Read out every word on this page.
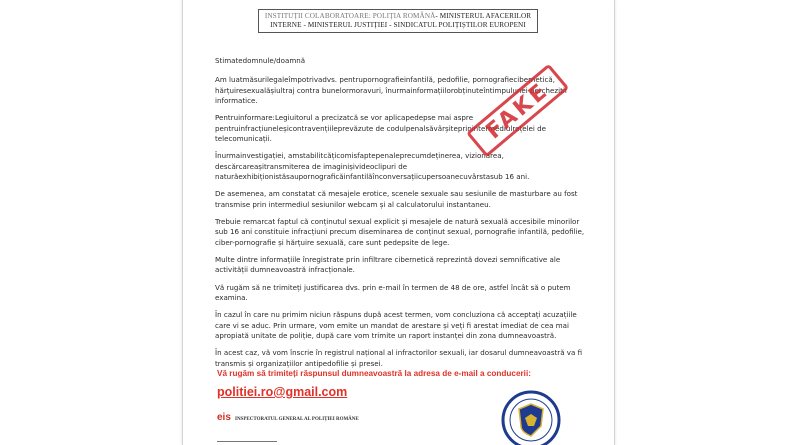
INSTITUȚII COLABORATOARE: POLIȚIA ROMÂNĂ- MINISTERUL AFACERILOR
INTERNE - MINISTERUL JUSTIȚIEI - SINDICATUL POLIȚIȘTILOR EUROPENI

Stimatedomnule/doamnă

Am luatmăsurilegaleîmpotrivadvs. pentrupornografieinfantilă, pedofilie, pornografiecibernetică, hărțuiresexualășiultraj contra bunelormoravuri, înurmainformațiilorobținuteîntimpulunei percheziții informatice.

Pentruinformare:Legiuitorul a precizatcă se vor aplicapedepse mai aspre pentruinfracțiuneleșicontravențiileprevăzute de codulpenalsăvârșiteprinintermediulrețelei de telecomunicații.

Înurmainvestigației, amstabilitcățicomisfaptepenaleprecumdeținerea, vizionarea, descărcareașitransmiterea de imaginișivideoclipuri de naturăexhibiționistăsaupornograficăinfantilăînconversațiicupersoanecuvârstasub 16 ani.

De asemenea, am constatat că mesajele erotice, scenele sexuale sau sesiunile de masturbare au fost transmise prin intermediul sesiunilor webcam și al calculatorului instantaneu.

Trebuie remarcat faptul că conținutul sexual explicit și mesajele de natură sexuală accesibile minorilor sub 16 ani constituie infracțiuni precum diseminarea de conținut sexual, pornografie infantilă, pedofilie, ciber-pornografie și hărțuire sexuală, care sunt pedepsite de lege.

Multe dintre informațiile înregistrate prin infiltrare cibernetică reprezintă dovezi semnificative ale activității dumneavoastră infracționale.

Vă rugăm să ne trimiteți justificarea dvs. prin e-mail în termen de 48 de ore, astfel încât să o putem examina.

În cazul în care nu primim niciun răspuns după acest termen, vom concluziona că acceptați acuzațiile care vi se aduc. Prin urmare, vom emite un mandat de arestare și veți fi arestat imediat de cea mai apropiată unitate de poliție, după care vom trimite un raport instanței din zona dumneavoastră.

În acest caz, vă vom înscrie în registrul național al infractorilor sexuali, iar dosarul dumneavoastră va fi transmis și organizațiilor antipedofilie și presei.

Vă rugăm să trimiteți răspunsul dumneavoastră la adresa de e-mail a conducerii:
politiei.ro@gmail.com
eis INSPECTORATUL GENERAL AL POLIȚIEI ROMÂNE
FAKE
